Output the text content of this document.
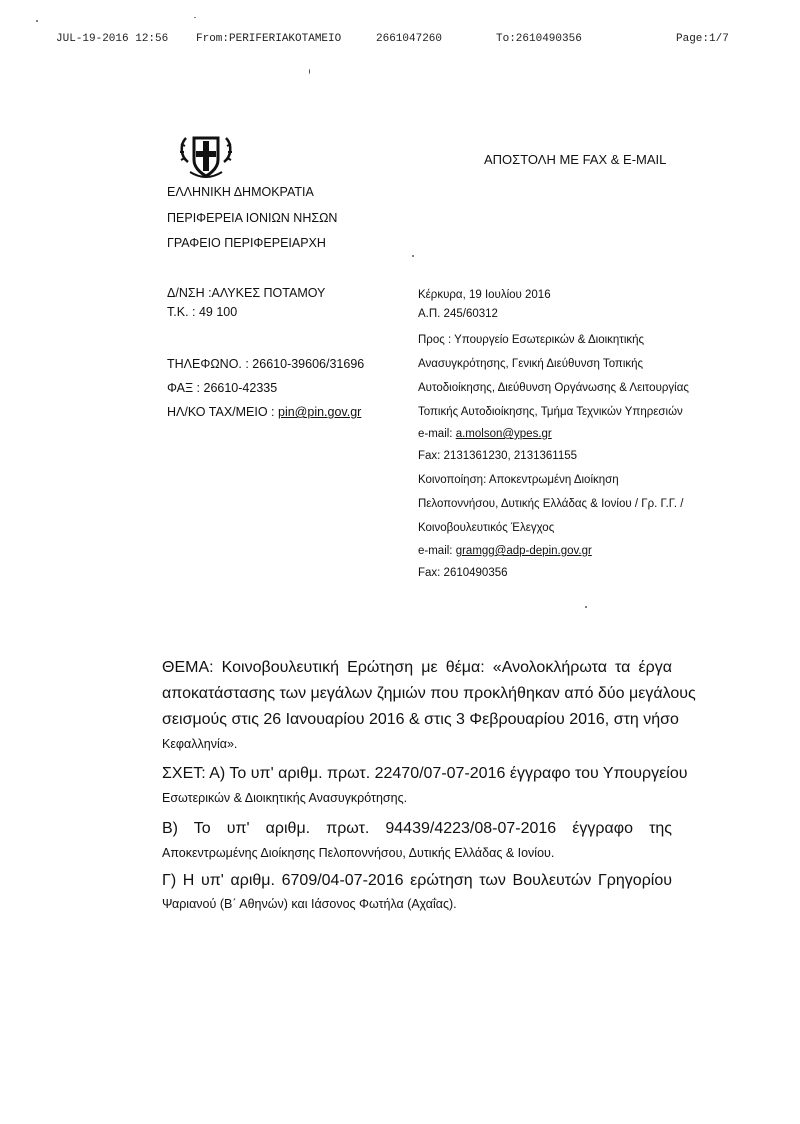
JUL-19-2016 12:56	From:PERIFERIAKOTAMEIO	2661047260	To:2610490356	Page:1/7
ΑΠΟΣΤΟΛΗ ΜΕ FAX & E-MAIL
ΕΛΛΗΝΙΚΗ ΔΗΜΟΚΡΑΤΙΑ
ΠΕΡΙΦΕΡΕΙΑ ΙΟΝΙΩΝ ΝΗΣΩΝ
ΓΡΑΦΕΙΟ ΠΕΡΙΦΕΡΕΙΑΡΧΗ
Δ/ΝΣΗ :ΑΛΥΚΕΣ ΠΟΤΑΜΟΥ
Τ.Κ. : 49 100
ΤΗΛΕΦΩΝΟ. : 26610-39606/31696
ΦΑΞ : 26610-42335
ΗΛ/ΚΟ ΤΑΧ/ΜΕΙΟ : pin@pin.gov.gr
Κέρκυρα, 19 Ιουλίου 2016
Α.Π. 245/60312
Προς : Υπουργείο Εσωτερικών & Διοικητικής
Ανασυγκρότησης, Γενική Διεύθυνση Τοπικής
Αυτοδιοίκησης, Διεύθυνση Οργάνωσης & Λειτουργίας
Τοπικής Αυτοδιοίκησης, Τμήμα Τεχνικών Υπηρεσιών
e-mail: a.molson@ypes.gr
Fax: 2131361230, 2131361155
Κοινοποίηση: Αποκεντρωμένη Διοίκηση
Πελοποννήσου, Δυτικής Ελλάδας & Ιονίου / Γρ. Γ.Γ. /
Κοινοβουλευτικός Έλεγχος
e-mail: gramgg@adp-depin.gov.gr
Fax: 2610490356
ΘΕΜΑ: Κοινοβουλευτική Ερώτηση με θέμα: «Ανολοκλήρωτα τα έργα
αποκατάστασης των μεγάλων ζημιών που προκλήθηκαν από δύο μεγάλους
σεισμούς στις 26 Ιανουαρίου 2016 & στις 3 Φεβρουαρίου 2016, στη νήσο
Κεφαλληνία».
ΣΧΕΤ: Α) Το υπ' αριθμ. πρωτ. 22470/07-07-2016 έγγραφο του Υπουργείου
Εσωτερικών & Διοικητικής Ανασυγκρότησης.
Β) Το υπ' αριθμ. πρωτ. 94439/4223/08-07-2016 έγγραφο της
Αποκεντρωμένης Διοίκησης Πελοποννήσου, Δυτικής Ελλάδας & Ιονίου.
Γ) Η υπ' αριθμ. 6709/04-07-2016 ερώτηση των Βουλευτών Γρηγορίου
Ψαριανού (Β΄ Αθηνών) και Ιάσονος Φωτήλα (Αχαΐας).
